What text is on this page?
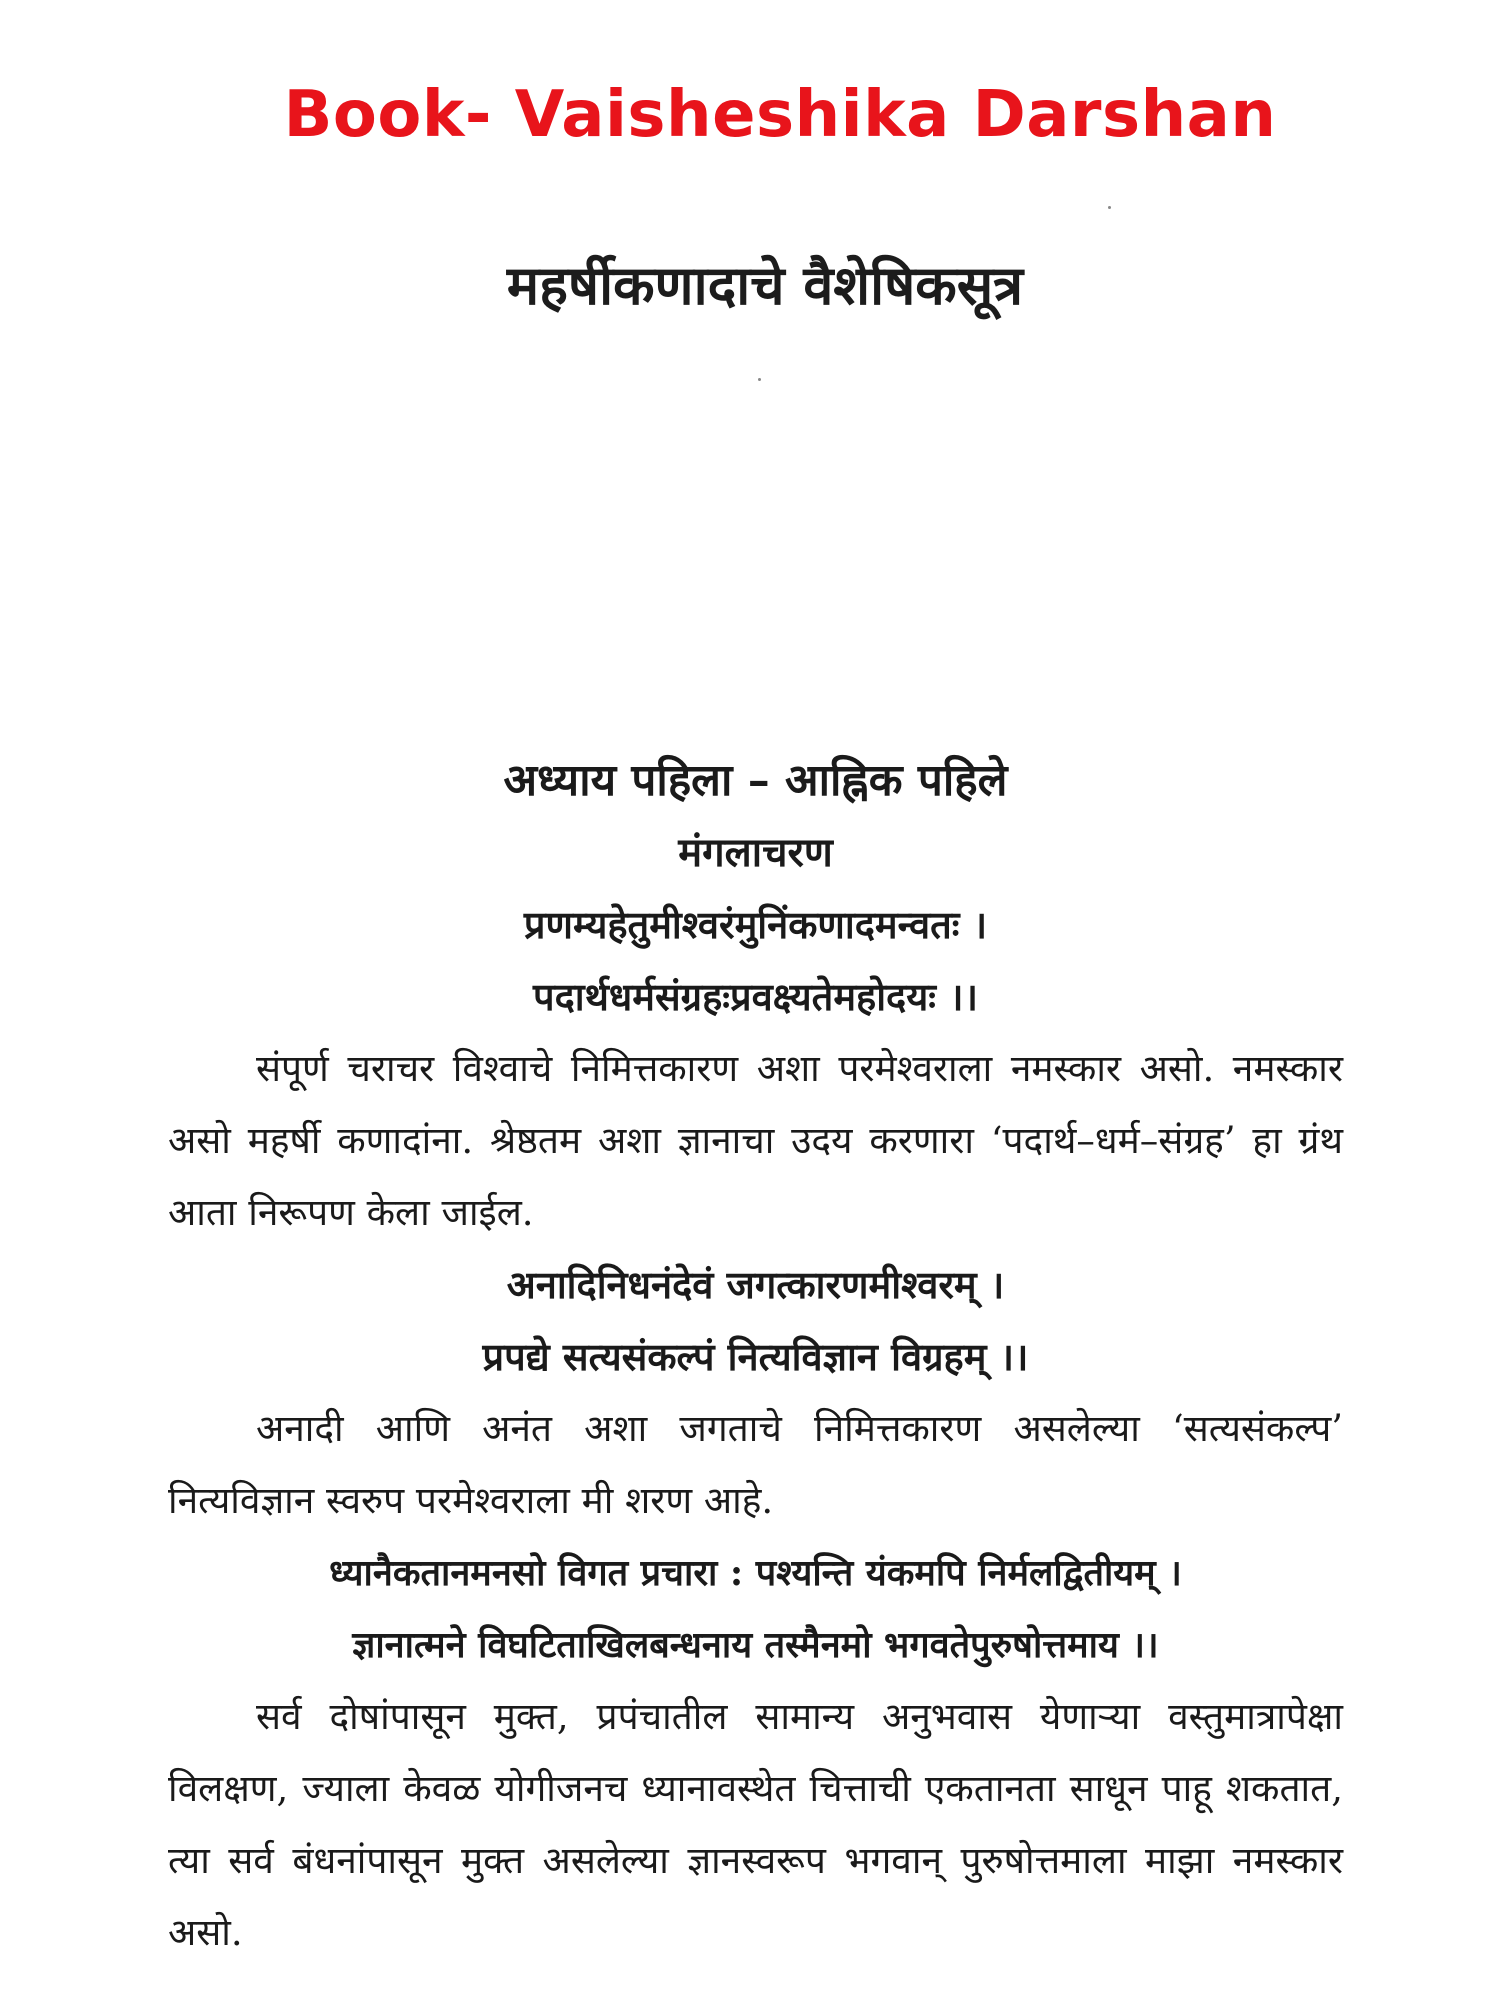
Book- Vaisheshika Darshan
महर्षीकणादाचे वैशेषिकसूत्र

अध्याय पहिला – आह्निक पहिले

मंगलाचरण

प्रणम्यहेतुमीश्वरंमुनिंकणादमन्वतः ।

पदार्थधर्मसंग्रहःप्रवक्ष्यतेमहोदयः ।।

संपूर्ण चराचर विश्वाचे निमित्तकारण अशा परमेश्वराला नमस्कार असो. नमस्कार असो महर्षी कणादांना. श्रेष्ठतम अशा ज्ञानाचा उदय करणारा ‘पदार्थ–धर्म–संग्रह’ हा ग्रंथ आता निरूपण केला जाईल.

अनादिनिधनंदेवं जगत्कारणमीश्वरम् ।

प्रपद्ये सत्यसंकल्पं नित्यविज्ञान विग्रहम् ।।

अनादी आणि अनंत अशा जगताचे निमित्तकारण असलेल्या ‘सत्यसंकल्प’ नित्यविज्ञान स्वरुप परमेश्वराला मी शरण आहे.

ध्यानैकतानमनसो विगत प्रचारा : पश्यन्ति यंकमपि निर्मलद्वितीयम् ।

ज्ञानात्मने विघटिताखिलबन्धनाय तस्मैनमो भगवतेपुरुषोत्तमाय ।।

सर्व दोषांपासून मुक्त, प्रपंचातील सामान्य अनुभवास येणाऱ्या वस्तुमात्रापेक्षा विलक्षण, ज्याला केवळ योगीजनच ध्यानावस्थेत चित्ताची एकतानता साधून पाहू शकतात, त्या सर्व बंधनांपासून मुक्त असलेल्या ज्ञानस्वरूप भगवान् पुरुषोत्तमाला माझा नमस्कार असो.
